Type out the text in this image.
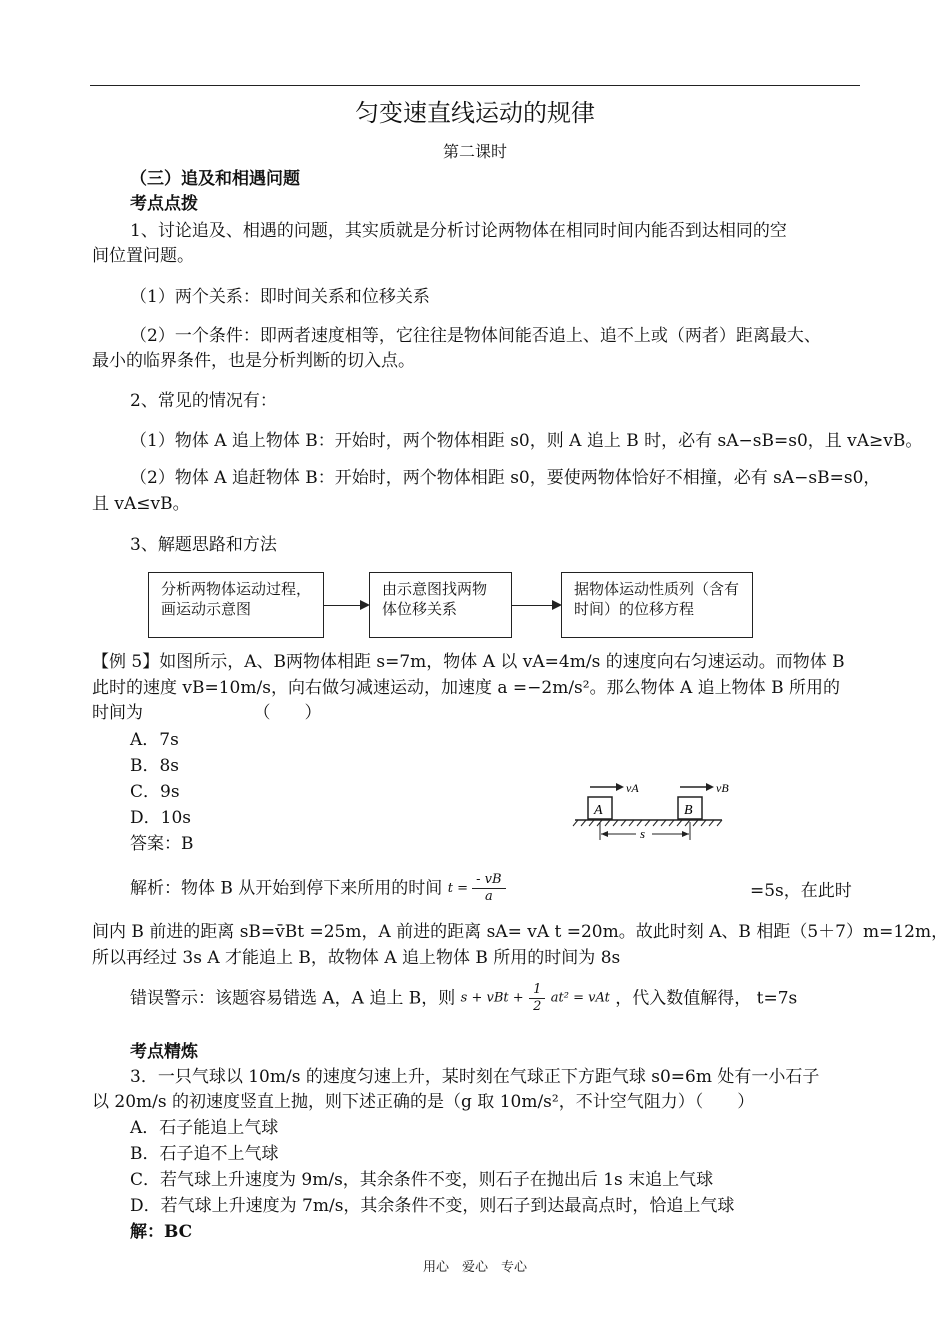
匀变速直线运动的规律
第二课时
（三）追及和相遇问题
考点点拨
1、讨论追及、相遇的问题，其实质就是分析讨论两物体在相同时间内能否到达相同的空
间位置问题。
（1）两个关系：即时间关系和位移关系
（2）一个条件：即两者速度相等，它往往是物体间能否追上、追不上或（两者）距离最大、
最小的临界条件，也是分析判断的切入点。
2、常见的情况有：
（1）物体 A 追上物体 B：开始时，两个物体相距 s0，则 A 追上 B 时，必有 sA−sB=s0，且 vA≥vB。
（2）物体 A 追赶物体 B：开始时，两个物体相距 s0，要使两物体恰好不相撞，必有 sA−sB=s0，
且 vA≤vB。
3、解题思路和方法
分析两物体运动过程，画运动示意图
由示意图找两物体位移关系
据物体运动性质列（含有时间）的位移方程
【例 5】如图所示，A、B两物体相距 s=7m，物体 A 以 vA=4m/s 的速度向右匀速运动。而物体 B
此时的速度 vB=10m/s，向右做匀减速运动，加速度 a =−2m/s²。那么物体 A 追上物体 B 所用的
时间为　　　　　　　（　　）
A．7s
B．8s
C．9s
D．10s
答案：B
vA	vB
A	B
s
解析：物体 B 从开始到停下来所用的时间 $t = \frac{- vB}{a}$	=5s，在此时
间内 B 前进的距离 sB=v̄Bt =25m，A 前进的距离 sA= vA t =20m。故此时刻 A、B 相距（5＋7）m=12m，
所以再经过 3s A 才能追上 B，故物体 A 追上物体 B 所用的时间为 8s
错误警示：该题容易错选 A，A 追上 B，则 s + vBt + $\frac{1}{2} at^2$ = vAt ，代入数值解得， t=7s
考点精炼
3．一只气球以 10m/s 的速度匀速上升，某时刻在气球正下方距气球 s0=6m 处有一小石子
以 20m/s 的初速度竖直上抛，则下述正确的是（g 取 10m/s²，不计空气阻力）（　　）
A．石子能追上气球
B．石子追不上气球
C．若气球上升速度为 9m/s，其余条件不变，则石子在抛出后 1s 末追上气球
D．若气球上升速度为 7m/s，其余条件不变，则石子到达最高点时，恰追上气球
解：BC
用心　爱心　专心
